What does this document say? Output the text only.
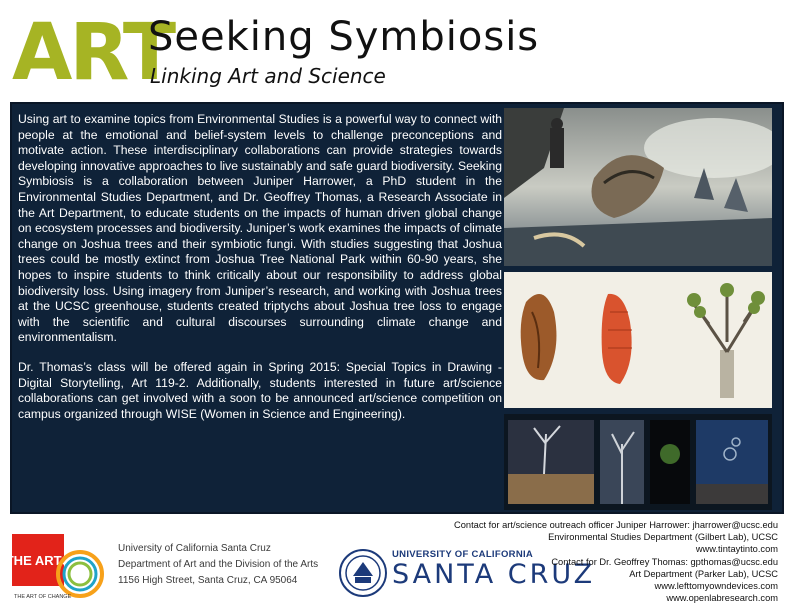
ART
Seeking Symbiosis
Linking Art and Science

Using art to examine topics from Environmental Studies is a powerful way to connect with people at the emotional and belief-system levels to challenge preconceptions and motivate action. These interdisciplinary collaborations can provide strategies towards developing innovative approaches to live sustainably and safe guard biodiversity. Seeking Symbiosis is a collaboration between Juniper Harrower, a PhD student in the Environmental Studies Department, and Dr. Geoffrey Thomas, a Research Associate in the Art Department, to educate students on the impacts of human driven global change on ecosystem processes and biodiversity. Juniper’s work examines the impacts of climate change on Joshua trees and their symbiotic fungi. With studies suggesting that Joshua trees could be mostly extinct from Joshua Tree National Park within 60-90 years, she hopes to inspire students to think critically about our responsibility to address global biodiversity loss. Using imagery from Juniper’s research, and working with Joshua trees at the UCSC greenhouse, students created triptychs about Joshua tree loss to engage with the scientific and cultural discourses surrounding climate change and environmentalism.

Dr. Thomas’s class will be offered again in Spring 2015: Special Topics in Drawing - Digital Storytelling, Art 119-2. Additionally, students interested in future art/science collaborations can get involved with a soon to be announced art/science competition on campus organized through WISE (Women in Science and Engineering).

THE ARTS
THE ART OF CHANGE
University of California Santa Cruz
Department of Art and the Division of the Arts
1156 High Street, Santa Cruz, CA 95064
UNIVERSITY OF CALIFORNIA
SANTA CRUZ
Contact for art/science outreach officer Juniper Harrower: jharrower@ucsc.edu
Environmental Studies Department (Gilbert Lab), UCSC
www.tintaytinto.com
Contact for Dr. Geoffrey Thomas: gpthomas@ucsc.edu
Art Department (Parker Lab), UCSC
www.lefttomyowndevices.com
www.openlabresearch.com
